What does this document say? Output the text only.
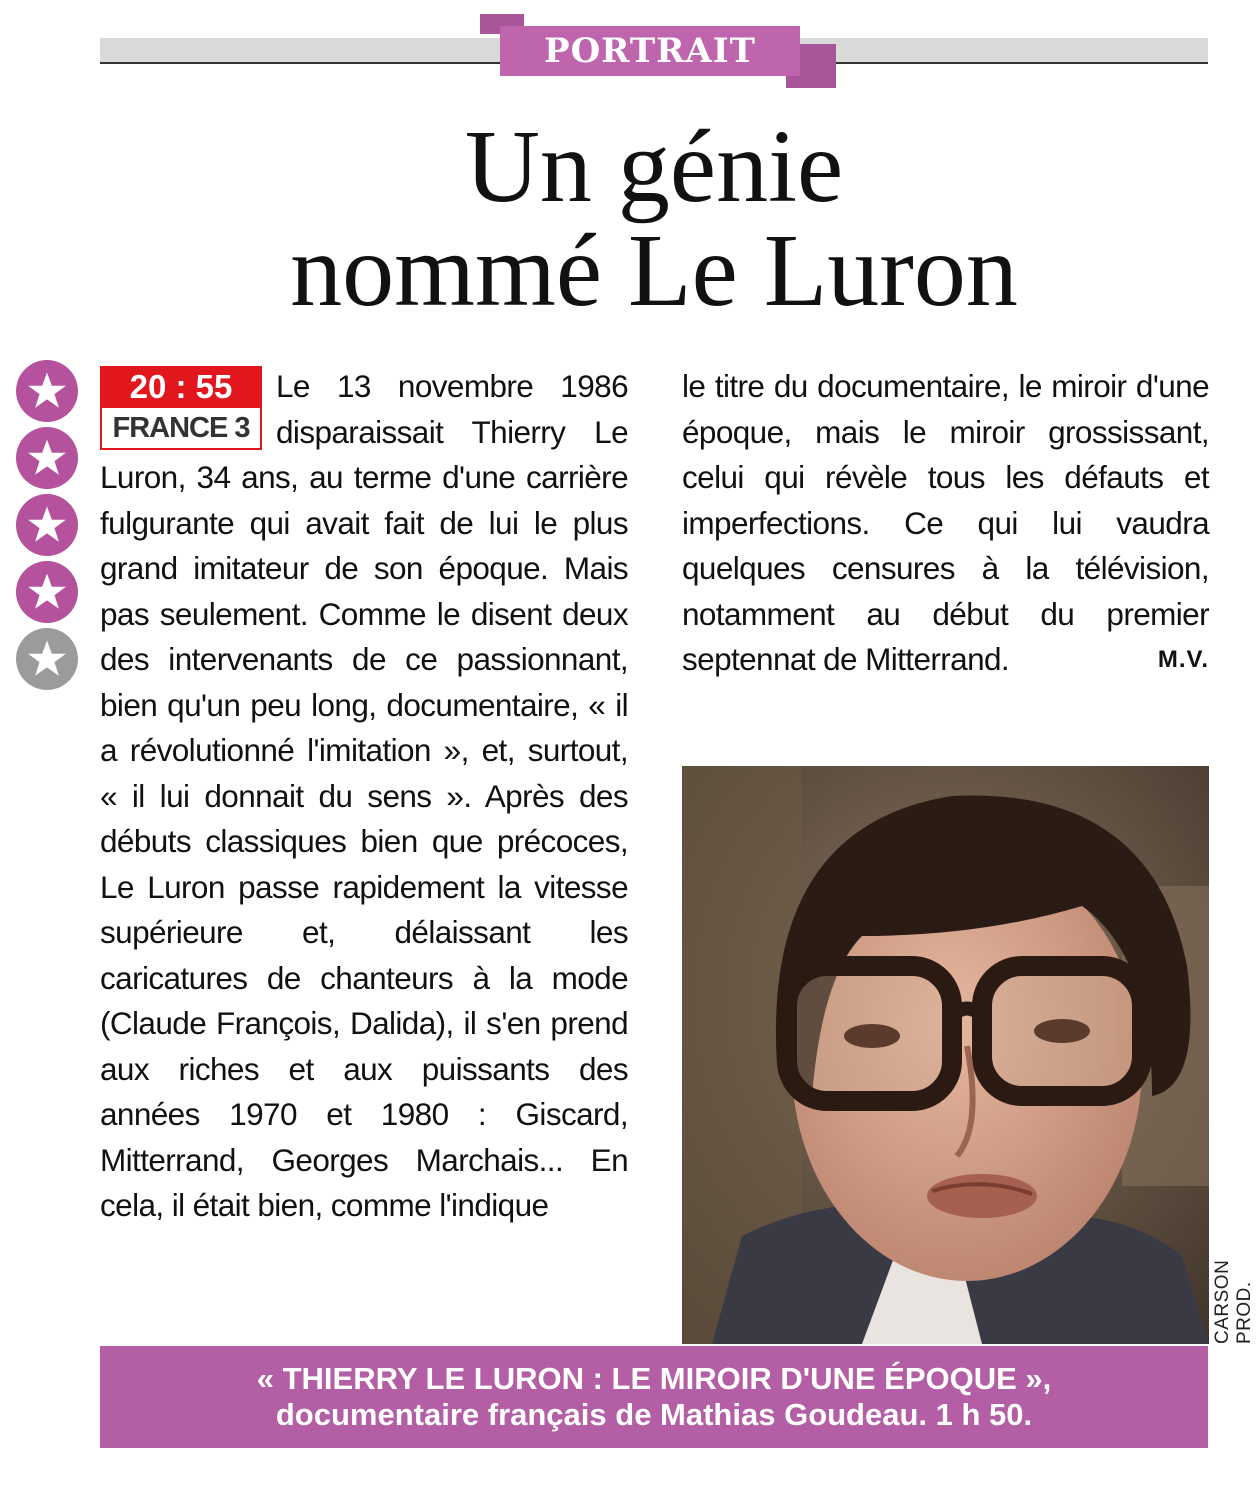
PORTRAIT
Un génie
nommé Le Luron
20 : 55
FRANCE 3
Le 13 novembre 1986 disparaissait Thierry Le Luron, 34 ans, au terme d'une carrière fulgurante qui avait fait de lui le plus grand imitateur de son époque. Mais pas seulement. Comme le disent deux des intervenants de ce passionnant, bien qu'un peu long, documentaire, « il a révolutionné l'imitation », et, surtout, « il lui donnait du sens ». Après des débuts classiques bien que précoces, Le Luron passe rapidement la vitesse supérieure et, délaissant les caricatures de chanteurs à la mode (Claude François, Dalida), il s'en prend aux riches et aux puissants des années 1970 et 1980 : Giscard, Mitterrand, Georges Marchais... En cela, il était bien, comme l'indique
le titre du documentaire, le miroir d'une époque, mais le miroir grossissant, celui qui révèle tous les défauts et imperfections. Ce qui lui vaudra quelques censures à la télévision, notamment au début du premier septennat de Mitterrand.	M.V.
CARSON PROD.
« THIERRY LE LURON : LE MIROIR D'UNE ÉPOQUE »,
documentaire français de Mathias Goudeau. 1 h 50.
